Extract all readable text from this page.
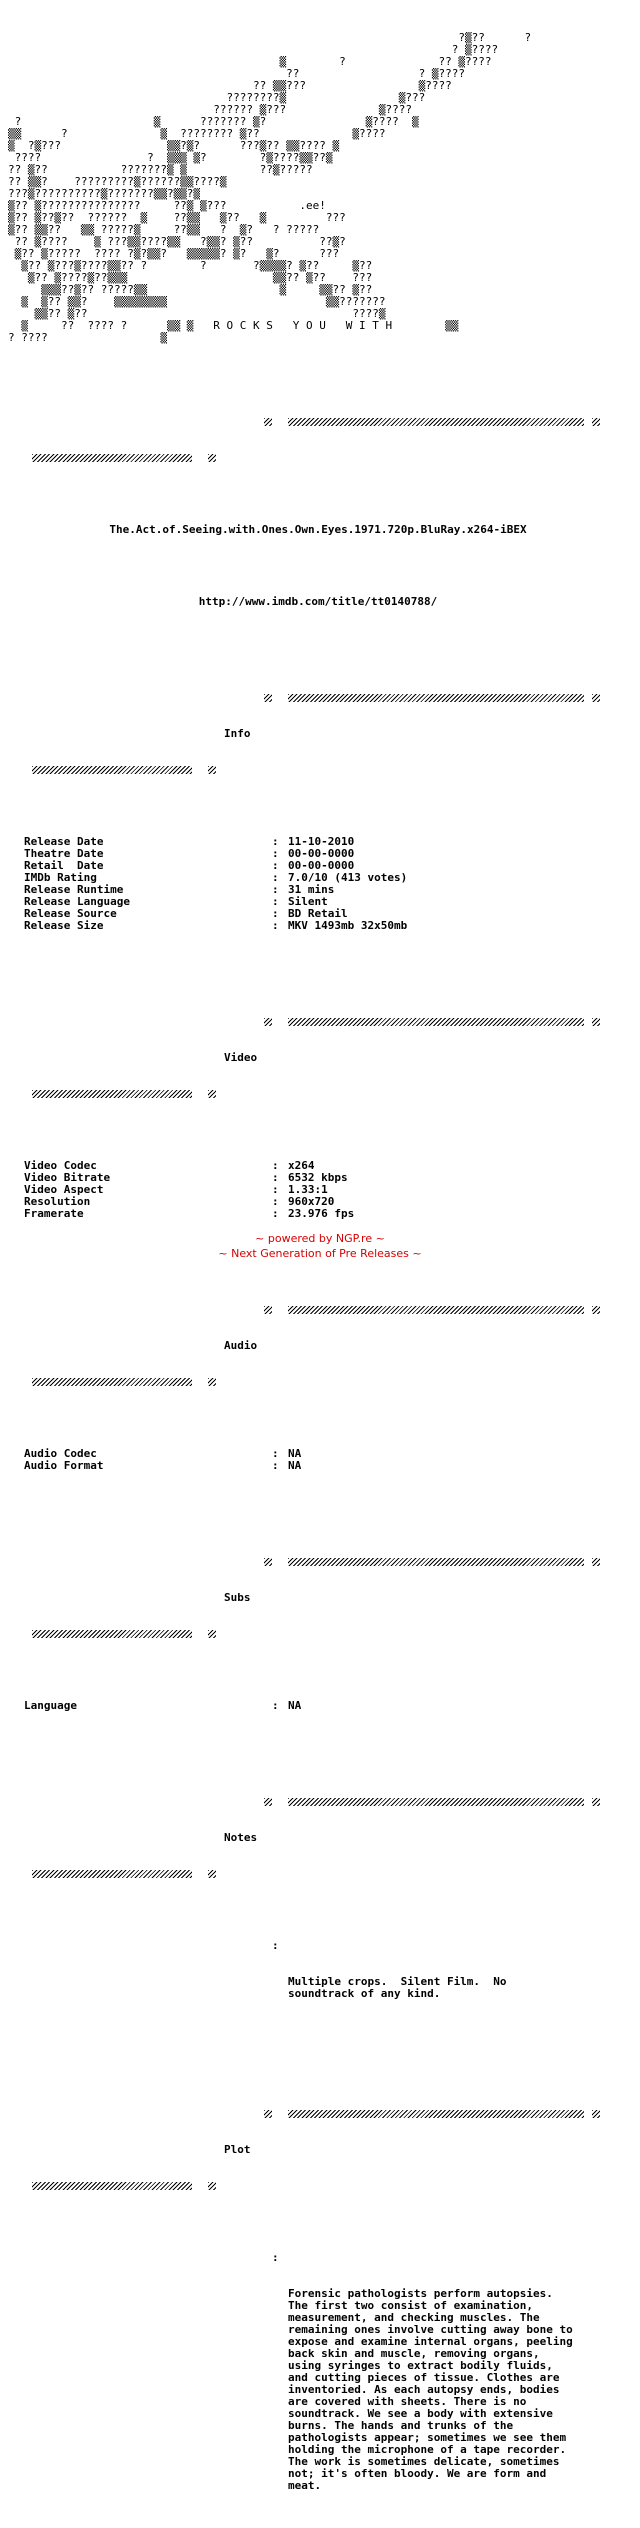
?▒??      ?
? ▒????
▒        ?              ?? ▒????
??                  ? ▒????
?? ▒▒???                 ▒????
????????▒                 ▒???
?????? ▒???              ▒????
?                    ▒      ??????? ▒?               ▒????  ▒
▒▒      ?              ▒  ???????? ▒??              ▒????
▒  ?▒???                ▒▒?▒?      ???▒?? ▒▒???? ▒
????                ?  ▒▒▒ ▒?        ?▒????▒▒??▒
?? ▒??           ???????▒ ▒           ??▒?????
?? ▒▒?    ?????????▒??????▒▒????▒
???▒??????????▒???????▒▒?▒▒?▒
▒?? ▒???????????????     ??▒ ▒???           .ee!
▒?? ▒??▒??  ??????  ▒    ??▒▒   ▒??   ▒         ???
▒?? ▒▒??   ▒▒ ?????▒     ??▒▒   ?  ▒?   ? ?????
?? ▒????    ▒ ???▒▒????▒▒   ?▒▒? ▒??          ??▒?
▒?? ▒?????  ???? ?▒?▒▒?   ▒▒▒▒▒? ▒?   ▒?      ???
▒?? ▒???▒????▒▒?? ?        ?       ?▒▒▒▒? ▒??     ▒??
▒?? ▒????▒??▒▒▒                      ▒▒?? ▒??    ???
▒▒▒??▒?? ?????▒▒                    ▒     ▒▒?? ▒??
▒  ▒?? ▒▒?    ▒▒▒▒▒▒▒▒                        ▒▒???????
▒▒?? ▒??                                        ????▒
▒     ??  ???? ?      ▒▒ ▒   R O C K S   Y O U   W I T H        ▒▒
? ????                 ▒

The.Act.of.Seeing.with.Ones.Own.Eyes.1971.720p.BluRay.x264-iBEX

http://www.imdb.com/title/tt0140788/

Info

Release Date	: 11-10-2010
Theatre Date	: 00-00-0000
Retail  Date	: 00-00-0000
IMDb Rating	: 7.0/10 (413 votes)
Release Runtime	: 31 mins
Release Language	: Silent
Release Source	: BD Retail
Release Size	: MKV 1493mb 32x50mb

Video

Video Codec	: x264
Video Bitrate	: 6532 kbps
Video Aspect	: 1.33:1
Resolution	: 960x720
Framerate	: 23.976 fps

Audio

Audio Codec	: NA
Audio Format	: NA

Subs

Language	: NA

Notes

:

Multiple crops.  Silent Film.  No
soundtrack of any kind.

Plot

:

Forensic pathologists perform autopsies.
The first two consist of examination,
measurement, and checking muscles. The
remaining ones involve cutting away bone to
expose and examine internal organs, peeling
back skin and muscle, removing organs,
using syringes to extract bodily fluids,
and cutting pieces of tissue. Clothes are
inventoried. As each autopsy ends, bodies
are covered with sheets. There is no
soundtrack. We see a body with extensive
burns. The hands and trunks of the
pathologists appear; sometimes we see them
holding the microphone of a tape recorder.
The work is sometimes delicate, sometimes
not; it's often bloody. We are form and
meat.

~ powered by NGP.re ~
~ Next Generation of Pre Releases ~
